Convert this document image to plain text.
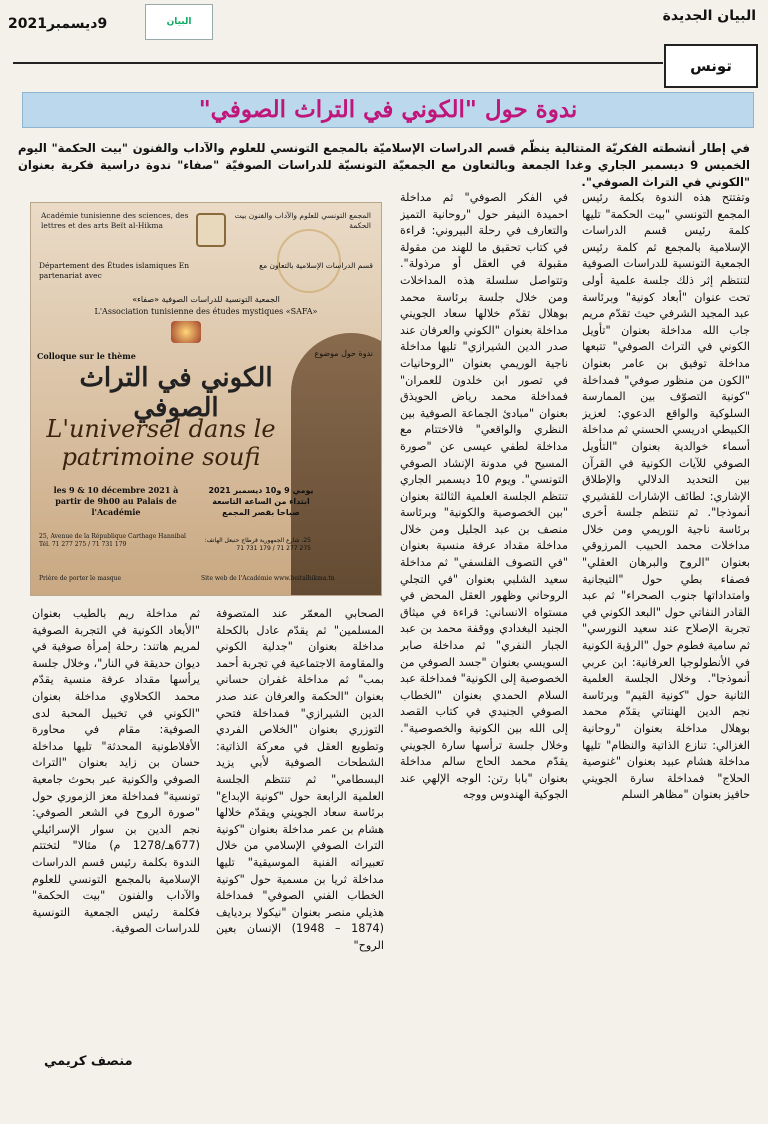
البيان الجديدة
البيان
9ديسمبر2021
تونس
ندوة حول "الكوني في التراث الصوفي"
في إطار أنشطته الفكريّة المتتالية ينظّم قسم الدراسات الإسلاميّة بالمجمع التونسي للعلوم والآداب والفنون "بيت الحكمة" اليوم الخميس 9 ديسمبر الجاري وغدا الجمعة وبالتعاون مع الجمعيّة التونسيّة للدراسات الصوفيّة "صفاء" ندوة دراسية فكرية بعنوان "الكوني في التراث الصوفي".
وتفتتح هذه الندوة بكلمة رئيس المجمع التونسي "بيت الحكمة" تليها كلمة رئيس قسم الدراسات الإسلامية بالمجمع ثم كلمة رئيس الجمعية التونسية للدراسات الصوفية لتنتظم إثر ذلك جلسة علمية أولى تحت عنوان "أبعاد كونية" وبرئاسة عبد المجيد الشرفي حيث تقدّم مريم جاب الله مداخلة بعنوان "تأويل الكوني في التراث الصوفي" تتبعها مداخلة توفيق بن عامر بعنوان "الكون من منظور صوفي" فمداخلة "كونية التصوّف بين الممارسة السلوكية والواقع الدعوي: لعزيز الكبيطي ادريسي الحسني ثم مداخلة أسماء خوالدية بعنوان "التأويل الصوفي للآيات الكونية في القرآن بين التحديد الدلالي والإطلاق الإشاري: لطائف الإشارات للقشيري أنموذجا". ثم تنتظم جلسة أخرى برئاسة ناجية الوريمي ومن خلال مداخلات محمد الحبيب المرزوقي بعنوان "الروح والبرهان العقلي" فصفاء بطي حول "التيجانية وامتداداتها جنوب الصحراء" ثم عبد القادر النفاتي حول "البعد الكوني في تجربة الإصلاح عند سعيد النورسي" ثم سامية فطوم حول "الرؤية الكونية في الأنطولوجيا العرفانية: ابن عربي أنموذجا". وخلال الجلسة العلمية الثانية حول "كونية القيم" وبرئاسة نجم الدين الهنتاتي يقدّم محمد بوهلال مداخلة بعنوان "روحانية الغزالي: تنازع الذاتية والنظام" تليها مداخلة هشام عبيد بعنوان "غنوصية الحلاج" فمداخلة سارة الجويني حافيز بعنوان "مظاهر السلم
في الفكر الصوفي" ثم مداخلة احميدة النيفر حول "روحانية التميز والتعارف في رحلة البيروني: قراءة في كتاب تحقيق ما للهند من مقولة مقبولة في العقل أو مرذولة". وتتواصل سلسلة هذه المداخلات ومن خلال جلسة برئاسة محمد بوهلال تقدّم خلالها سعاد الجويني مداخلة بعنوان "الكوني والعرفان عند صدر الدين الشيرازي" تليها مداخلة ناجية الوريمي بعنوان "الروحانيات في تصور ابن خلدون للعمران" فمداخلة محمد رياض الحويذق بعنوان "مبادئ الجماعة الصوفية بين النظري والواقعي" فالاختتام مع مداخلة لطفي عيسى عن "صورة المسيح في مدونة الإنشاد الصوفي التونسي". ويوم 10 ديسمبر الجاري تنتظم الجلسة العلمية الثالثة بعنوان "بين الخصوصية والكونية" وبرئاسة منصف بن عبد الجليل ومن خلال مداخلة مقداد عرفة منسية بعنوان "في التصوف الفلسفي" ثم مداخلة سعيد الشلبي بعنوان "في التجلي الروحاني وظهور العقل المحض في مستواه الانساني: قراءة في ميثاق الجنيد البغدادي ووقفة محمد بن عبد الجبار النفري" ثم مداخلة صابر السويسي بعنوان "جسد الصوفي من الخصوصية إلى الكونية" فمداخلة عبد السلام الحمدي بعنوان "الخطاب الصوفي الجنيدي في كتاب القصد إلى الله بين الكونية والخصوصية". وخلال جلسة ترأسها سارة الجويني يقدّم محمد الحاج سالم مداخلة بعنوان "بابا رتن: الوجه الإلهي عند الجوكية الهندوس ووجه
الصحابي المعمّر عند المتصوفة المسلمين" ثم يقدّم عادل بالكحلة مداخلة بعنوان "جدلية الكوني والمقاومة الاجتماعية في تجربة أحمد بمب" ثم مداخلة غفران حساني بعنوان "الحكمة والعرفان عند صدر الدين الشيرازي" فمداخلة فتحي التوزري بعنوان "الخلاص الفردي وتطويع العقل في معركة الذاتية: الشطحات الصوفية لأبي يزيد البسطامي" ثم تنتظم الجلسة العلمية الرابعة حول "كونية الإبداع" برئاسة سعاد الجويني ويقدّم خلالها هشام بن عمر مداخلة بعنوان "كونية التراث الصوفي الإسلامي من خلال تعبيراته الفنية الموسيقية" تليها مداخلة ثريا بن مسمية حول "كونية الخطاب الفني الصوفي" فمداخلة هذيلي منصر بعنوان "نيكولا برديايف (1874 – 1948) الإنسان بعين الروح"
ثم مداخلة ريم بالطيب بعنوان "الأبعاد الكونية في التجربة الصوفية لمريم هاتند: رحلة إمرأة صوفية في ديوان حديقة في النار"، وخلال جلسة يرأسها مقداد عرفة منسية يقدّم محمد الكحلاوي مداخلة بعنوان "الكوني في تخييل المحبة لدى الصوفية: مقام في محاورة الأفلاطونية المحدثة" تليها مداخلة حسان بن زايد بعنوان "التراث الصوفي والكونية عبر بحوث جامعية تونسية" فمداخلة معز الزموري حول "صورة الروح في الشعر الصوفي: نجم الدين بن سوار الإسرائيلي (677هـ/1278 م) مثالا" لتختتم الندوة بكلمة رئيس قسم الدراسات الإسلامية بالمجمع التونسي للعلوم والآداب والفنون "بيت الحكمة" فكلمة رئيس الجمعية التونسية للدراسات الصوفية.
Académie tunisienne des sciences, des lettres et des arts Beït al-Hikma
المجمع التونسي للعلوم والآداب والفنون بيت الحكمة
Département des Études islamiques En partenariat avec
قسم الدراسات الإسلامية بالتعاون مع
الجمعية التونسية للدراسات الصوفية «صفاء»
L'Association tunisienne des études mystiques «SAFA»
Colloque sur le thème	ندوة حول موضوع
الكوني في التراث الصوفي
L'universel dans le patrimoine soufi
les 9 & 10 décembre 2021 à partir de 9h00 au Palais de l'Académie
يومي 9 و10 ديسمبر 2021 ابتداء من الساعة التاسعة صباحا بقصر المجمع
25, Avenue de la République Carthage Hannibal Tél. 71 277 275 / 71 731 179
25، شارع الجمهورية قرطاج حنبعل الهاتف: 275 277 71 / 179 731 71
Prière de porter le masque	Site web de l'Académie www.beitalhikma.tn
منصف كريمي
